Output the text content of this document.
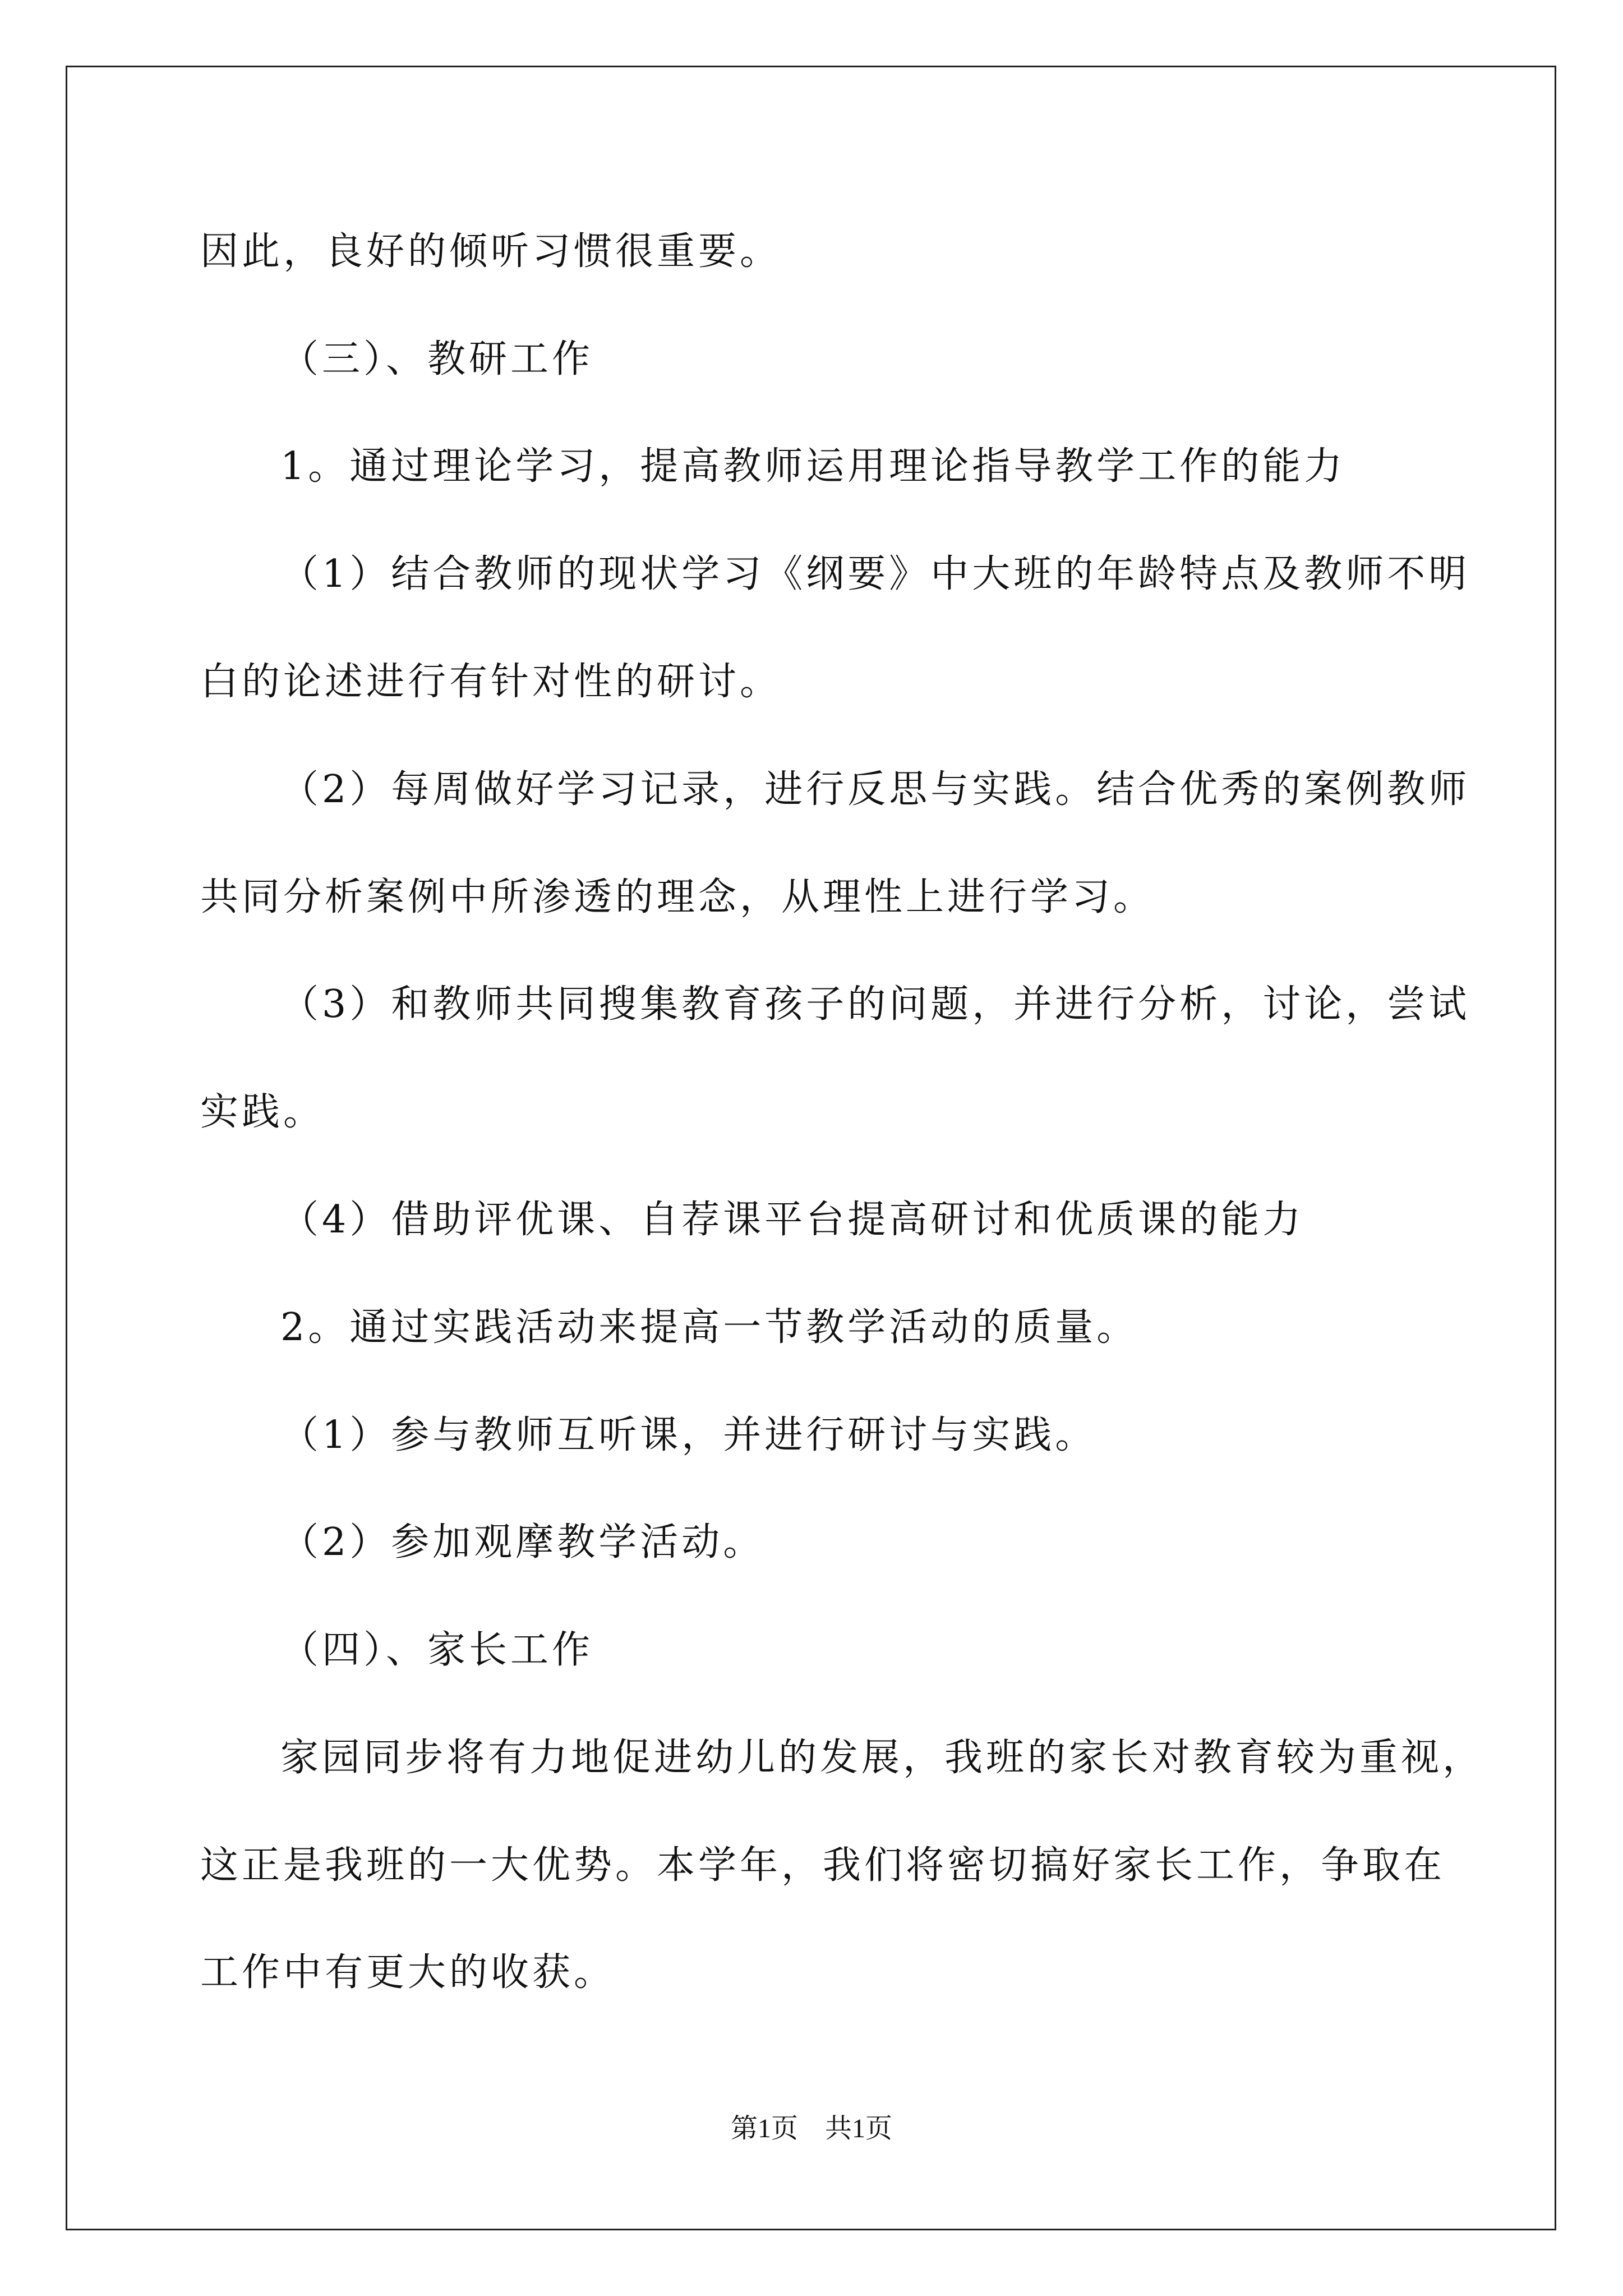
因此，良好的倾听习惯很重要。
（三）、教研工作
1。通过理论学习，提高教师运用理论指导教学工作的能力
（1）结合教师的现状学习《纲要》中大班的年龄特点及教师不明
白的论述进行有针对性的研讨。
（2）每周做好学习记录，进行反思与实践。结合优秀的案例教师
共同分析案例中所渗透的理念，从理性上进行学习。
（3）和教师共同搜集教育孩子的问题，并进行分析，讨论，尝试
实践。
（4）借助评优课、自荐课平台提高研讨和优质课的能力
2。通过实践活动来提高一节教学活动的质量。
（1）参与教师互听课，并进行研讨与实践。
（2）参加观摩教学活动。
（四）、家长工作
家园同步将有力地促进幼儿的发展，我班的家长对教育较为重视，
这正是我班的一大优势。本学年，我们将密切搞好家长工作，争取在
工作中有更大的收获。
第1页　共1页
